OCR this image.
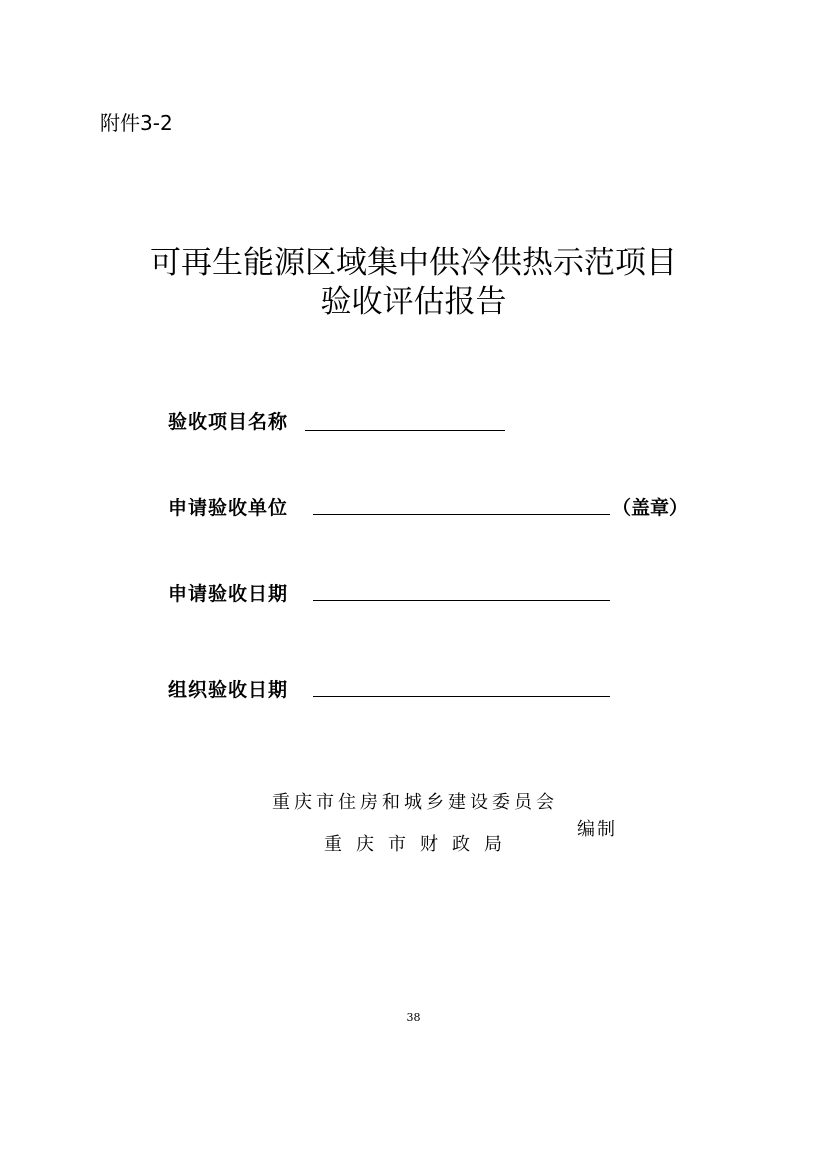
附件3-2
可再生能源区域集中供冷供热示范项目
验收评估报告
验收项目名称
申请验收单位	（盖章）
申请验收日期
组织验收日期
重庆市住房和城乡建设委员会
重庆市财政局
编制
38
